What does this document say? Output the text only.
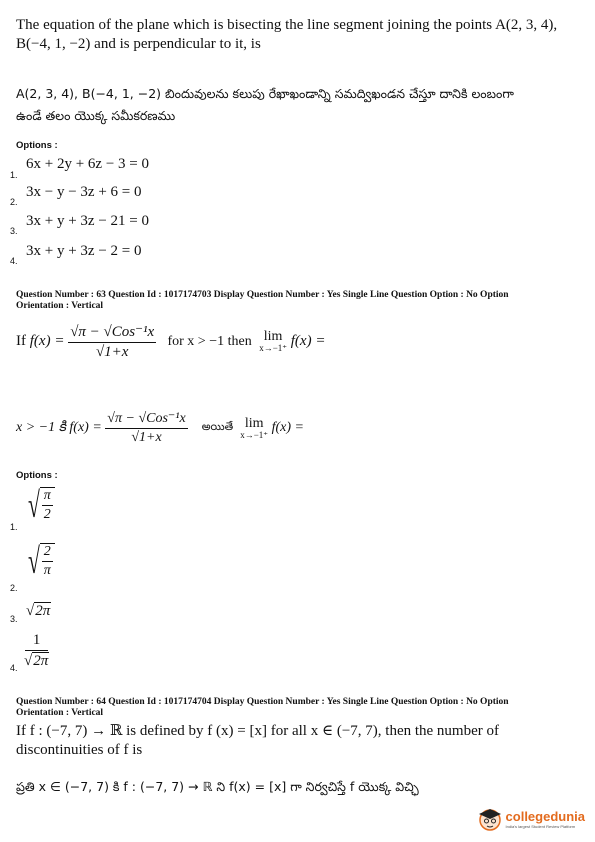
The equation of the plane which is bisecting the line segment joining the points A(2, 3, 4),
B(−4, 1, −2) and is perpendicular to it, is
A(2, 3, 4), B(−4, 1, −2) బిందువులను కలుపు రేఖాఖండాన్ని సమద్విఖండన చేస్తూ దానికి లంబంగా
ఉండే తలం యొక్క సమీకరణము
Options :
1.
6x + 2y + 6z − 3 = 0
2.
3x − y − 3z + 6 = 0
3.
3x + y + 3z − 21 = 0
4.
3x + y + 3z − 2 = 0
Question Number : 63 Question Id : 1017174703 Display Question Number : Yes Single Line Question Option : No Option
Orientation : Vertical
If
f(x) =
$\frac{\text{√π − √Cos⁻¹x}}{√1+x}$
for x > −1 then
lim
x→−1⁺
f(x) =
x > −1 కి f(x) =
$\frac{\text{√π − √Cos⁻¹x}}{√1+x}$
అయితే
lim
x→−1⁺
f(x) =
Options :
1.
√ $\frac{\pi}{2}$
2.
√ $\frac{2}{\pi}$
3. √2π
4. $\frac{1}{√2\pi}$
Question Number : 64 Question Id : 1017174704 Display Question Number : Yes Single Line Question Option : No Option
Orientation : Vertical
If f : (−7, 7) → ℝ is defined by f (x) = [x] for all x ∈ (−7, 7), then the number of
discontinuities of f is
ప్రతి x ∈ (−7, 7) కి f : (−7, 7) → ℝ ని f(x) = [x] గా నిర్వచిస్తే f యొక్క విచ్ఛి
collegedunia
India's largest Student Review Platform
